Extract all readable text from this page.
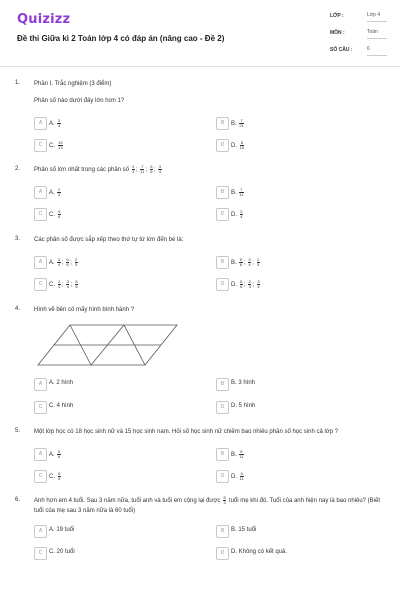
Quizizz
Đề thi Giữa kì 2 Toán lớp 4 có đáp án (nâng cao - Đề 2)
LỚP :	Lớp 4
MÔN :	Toán
SỐ CÂU :	6
1. Phần I. Trắc nghiệm (3 điểm)
Phân số nào dưới đây lớn hơn 1?
A	A. $\frac{3}{4}$	B	B. $\frac{7}{21}$
C	C. $\frac{15}{13}$	D	D. $\frac{8}{15}$
2. Phân số lớn nhất trong các phân số $\frac{2}{3}$ ; $\frac{7}{11}$ ; $\frac{5}{6}$ ; $\frac{3}{4}$
A	A. $\frac{2}{3}$	B	B. $\frac{7}{11}$
C	C. $\frac{5}{6}$	D	D. $\frac{3}{4}$
3. Các phân số được sắp xếp theo thứ tự từ lớn đến bé là:
A	A. $\frac{3}{4}$ ; $\frac{5}{6}$ ; $\frac{2}{3}$	B	B. $\frac{5}{6}$ ; $\frac{3}{4}$ ; $\frac{2}{3}$
C	C. $\frac{2}{3}$ ; $\frac{3}{4}$ ; $\frac{5}{6}$	D	D. $\frac{5}{6}$ ; $\frac{2}{3}$ ; $\frac{3}{4}$
4. Hình vẽ bên có mấy hình bình hành ?
A	A. 2 hình	B	B. 3 hình
C	C. 4 hình	D	D. 5 hình
5. Một lớp học có 18 học sinh nữ và 15 học sinh nam. Hỏi số học sinh nữ chiếm bao nhiêu phần số học sinh cả lớp ?
A	A. $\frac{5}{6}$	B	B. $\frac{5}{11}$
C	C. $\frac{6}{5}$	D	D. $\frac{6}{11}$
6. Anh hơn em 4 tuổi. Sau 3 năm nữa, tuổi anh và tuổi em cộng lại được $\frac{5}{3}$ tuổi mẹ khi đó. Tuổi của anh hiện nay là bao nhiêu? (Biết tuổi của mẹ sau 3 năm nữa là 60 tuổi)
A	A. 19 tuổi	B	B. 15 tuổi
C	C. 20 tuổi	D	D. Không có kết quả.
